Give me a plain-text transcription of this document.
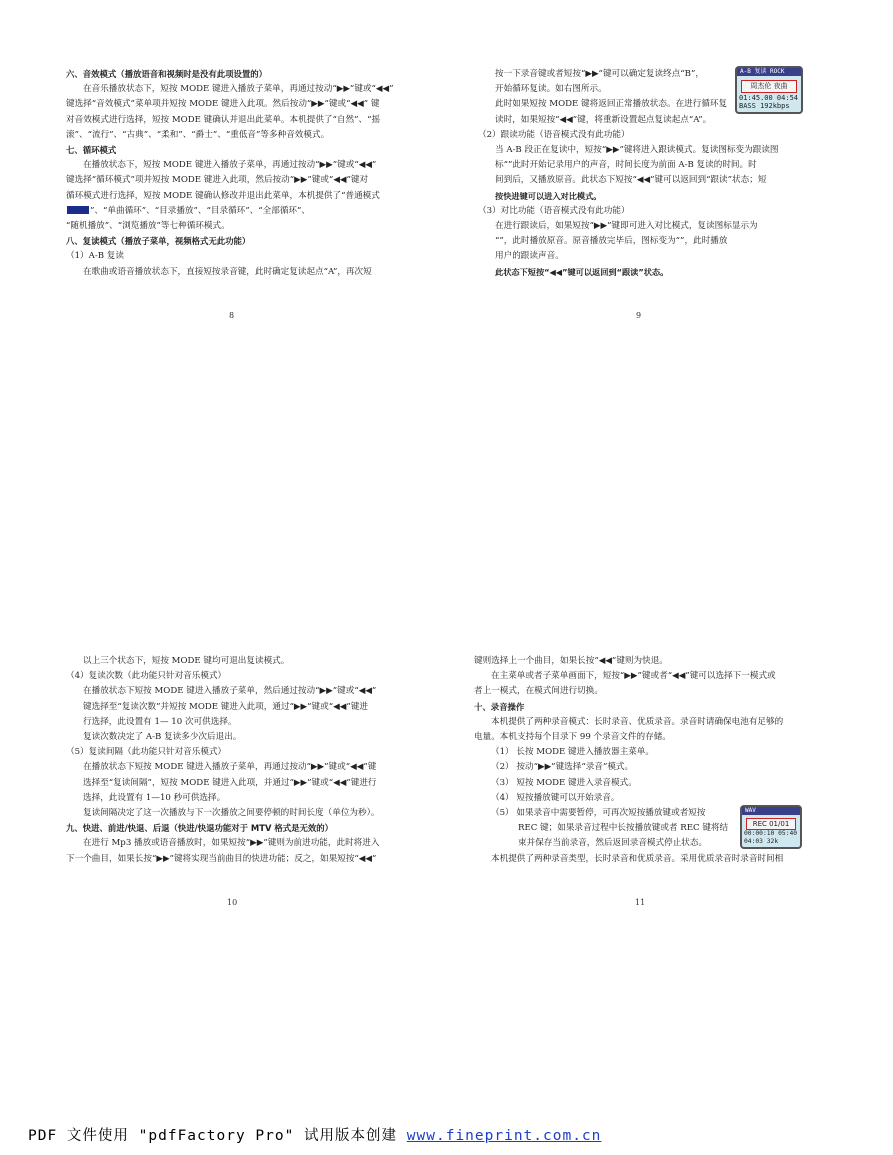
六、音效模式（播放语音和视频时是没有此项设置的）

在音乐播放状态下，短按 MODE 键进入播放子菜单，再通过按动“▶▶”键或“◀◀”

键选择“音效模式”菜单项并短按 MODE 键进入此项。然后按动“▶▶”键或“◀◀” 键

对音效模式进行选择，短按 MODE 键确认并退出此菜单。本机提供了“自然”、“摇

滚”、“流行”、“古典”、“柔和”、“爵士”、“重低音”等多种音效模式。

七、循环模式

在播放状态下，短按 MODE 键进入播放子菜单，再通过按动“▶▶”键或“◀◀”

键选择“循环模式”项并短按 MODE 键进入此项，然后按动“▶▶”键或“◀◀”键对

循环模式进行选择，短按 MODE 键确认修改并退出此菜单，本机提供了“普通模式

”、“单曲循环”、“目录播放”、“目录循环”、“全部循环”、

“随机播放”、“浏览播放”等七种循环模式。

八、复读模式（播放子菜单，视频格式无此功能）

（1）A-B 复读

在歌曲或语音播放状态下，直接短按录音键，此时确定复读起点“A”，再次短

8

按一下录音键或者短按“▶▶”键可以确定复读终点“B”，

开始循环复读。如右图所示。

此时如果短按 MODE 键将返回正常播放状态。在进行循环复

读时，如果短按“◀◀”键，将重新设置起点复读起点“A”。

（2）跟读功能（语音模式没有此功能）

当 A-B 段正在复读中，短按“▶▶”键将进入跟读模式。复读图标变为跟读图

标“”此时开始记录用户的声音，时间长度为前面 A-B 复读的时间。时

间到后，又播放原音。此状态下短按“◀◀”键可以返回到“跟读”状态；短

按快进键可以进入对比模式。

（3）对比功能（语音模式没有此功能）

在进行跟读后，如果短按“▶▶”键即可进入对比模式，复读图标显示为

“”，此时播放原音。原音播放完毕后，图标变为“”，此时播放

用户的跟读声音。

此状态下短按“◀◀”键可以返回到“跟读”状态。

A-B 复读 ROCK
周杰伦 夜曲
01:45.00 04:54
BASS 192kbps
9

以上三个状态下，短按 MODE 键均可退出复读模式。

（4）复读次数（此功能只针对音乐模式）

在播放状态下短按 MODE 键进入播放子菜单，然后通过按动“▶▶”键或“◀◀”

键选择至“复读次数”并短按 MODE 键进入此项，通过“▶▶”键或“◀◀”键进

行选择，此设置有 1— 10 次可供选择。

复读次数决定了 A-B 复读多少次后退出。

（5）复读间隔（此功能只针对音乐模式）

在播放状态下短按 MODE 键进入播放子菜单，再通过按动“▶▶”键或“◀◀”键

选择至“复读间隔”，短按 MODE 键进入此项，并通过“▶▶”键或“◀◀”键进行

选择，此设置有 1—10 秒可供选择。

复读间隔决定了这一次播放与下一次播放之间要停顿的时间长度（单位为秒）。

九、快进、前进/快退、后退（快进/快退功能对于 MTV 格式是无效的）

在进行 Mp3 播放或语音播放时，如果短按“▶▶”键则为前进功能，此时将进入

下一个曲目，如果长按“▶▶”键将实现当前曲目的快进功能；反之，如果短按“◀◀”

10

键则选择上一个曲目，如果长按“◀◀”键则为快退。

在主菜单或者子菜单画面下，短按“▶▶”键或者“◀◀”键可以选择下一模式或

者上一模式，在模式间进行切换。

十、录音操作

本机提供了两种录音模式：长时录音、优质录音。录音时请确保电池有足够的

电量。本机支持每个目录下 99 个录音文件的存储。

（1） 长按 MODE 键进入播放器主菜单。

（2） 按动“▶▶”键选择“录音”模式。

（3） 短按 MODE 键进入录音模式。

（4） 短按播放键可以开始录音。

（5） 如果录音中需要暂停，可再次短按播放键或者短按

REC 键；如果录音过程中长按播放键或者 REC 键将结

束并保存当前录音，然后返回录音模式停止状态。

本机提供了两种录音类型，长时录音和优质录音。采用优质录音时录音时间相

WAV
REC 01/01
00:00:10 05:40
04:03 32k
11
PDF 文件使用 "pdfFactory Pro" 试用版本创建 www.fineprint.com.cn
